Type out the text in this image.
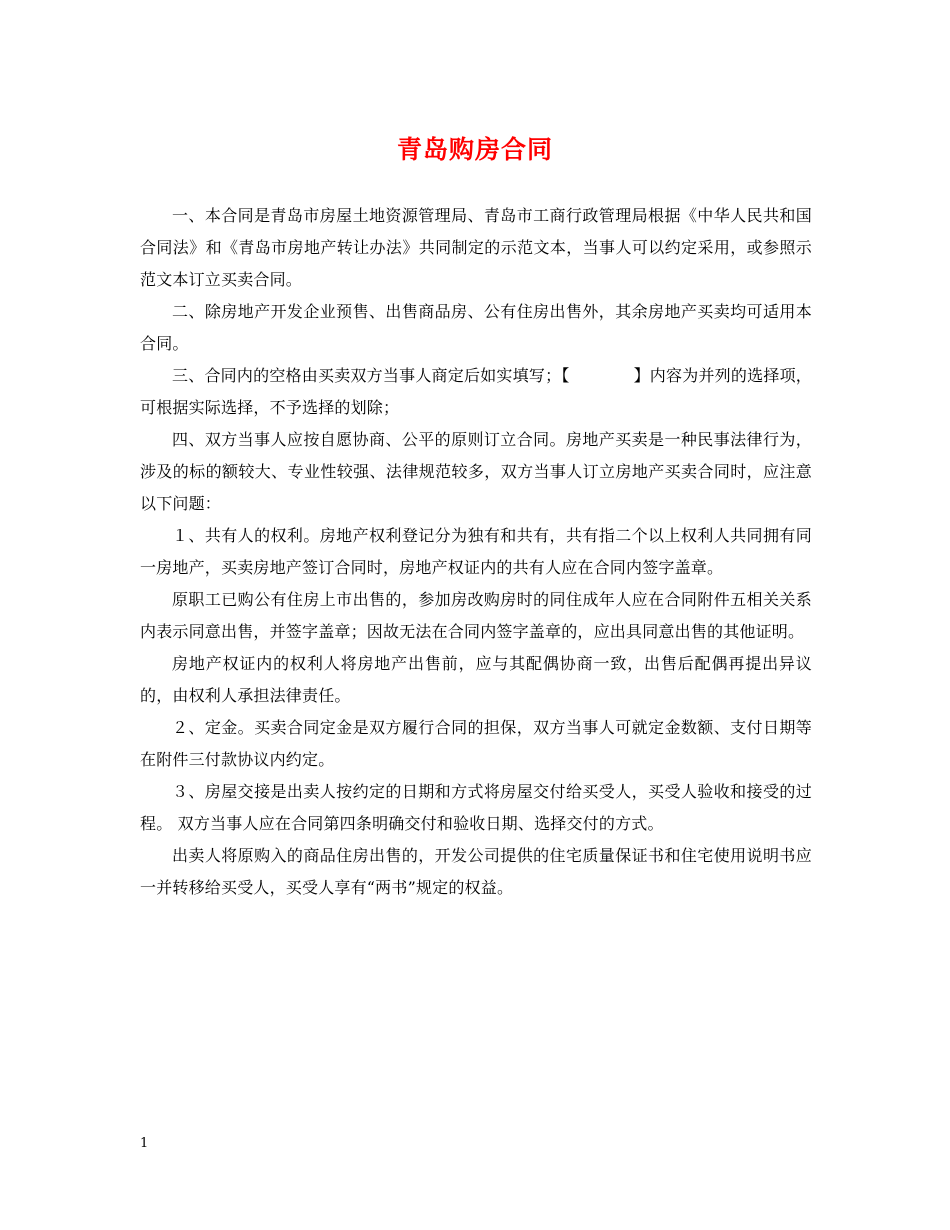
青岛购房合同

一、本合同是青岛市房屋土地资源管理局、青岛市工商行政管理局根据《中华人民共和国合同法》和《青岛市房地产转让办法》共同制定的示范文本，当事人可以约定采用，或参照示范文本订立买卖合同。

二、除房地产开发企业预售、出售商品房、公有住房出售外，其余房地产买卖均可适用本合同。

三、合同内的空格由买卖双方当事人商定后如实填写；【	】内容为并列的选择项，可根据实际选择，不予选择的划除；

四、双方当事人应按自愿协商、公平的原则订立合同。房地产买卖是一种民事法律行为，涉及的标的额较大、专业性较强、法律规范较多，双方当事人订立房地产买卖合同时，应注意以下问题：

１、共有人的权利。房地产权利登记分为独有和共有，共有指二个以上权利人共同拥有同一房地产，买卖房地产签订合同时，房地产权证内的共有人应在合同内签字盖章。

原职工已购公有住房上市出售的，参加房改购房时的同住成年人应在合同附件五相关关系内表示同意出售，并签字盖章；因故无法在合同内签字盖章的，应出具同意出售的其他证明。

房地产权证内的权利人将房地产出售前，应与其配偶协商一致，出售后配偶再提出异议的，由权利人承担法律责任。

２、定金。买卖合同定金是双方履行合同的担保，双方当事人可就定金数额、支付日期等在附件三付款协议内约定。

３、房屋交接是出卖人按约定的日期和方式将房屋交付给买受人，买受人验收和接受的过程。 双方当事人应在合同第四条明确交付和验收日期、选择交付的方式。

出卖人将原购入的商品住房出售的，开发公司提供的住宅质量保证书和住宅使用说明书应一并转移给买受人，买受人享有“两书”规定的权益。

1
